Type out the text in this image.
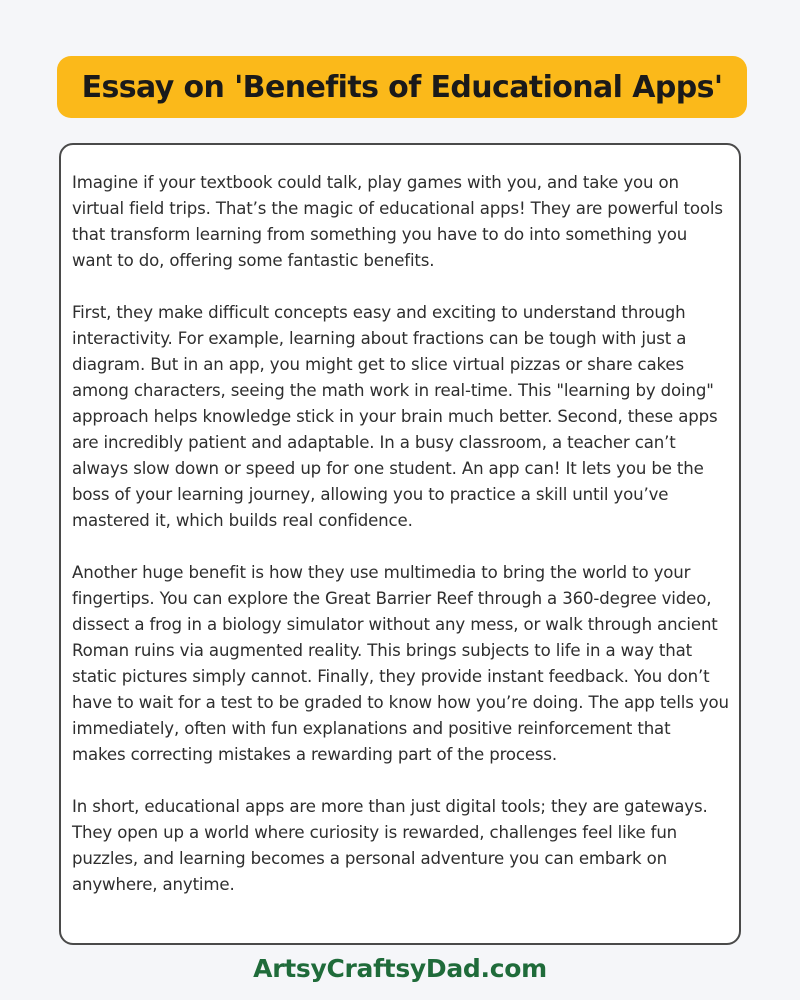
Essay on 'Benefits of Educational Apps'

Imagine if your textbook could talk, play games with you, and take you on virtual field trips. That’s the magic of educational apps! They are powerful tools that transform learning from something you have to do into something you want to do, offering some fantastic benefits.

First, they make difficult concepts easy and exciting to understand through interactivity. For example, learning about fractions can be tough with just a diagram. But in an app, you might get to slice virtual pizzas or share cakes among characters, seeing the math work in real-time. This "learning by doing" approach helps knowledge stick in your brain much better. Second, these apps are incredibly patient and adaptable. In a busy classroom, a teacher can’t always slow down or speed up for one student. An app can! It lets you be the boss of your learning journey, allowing you to practice a skill until you’ve mastered it, which builds real confidence.

Another huge benefit is how they use multimedia to bring the world to your fingertips. You can explore the Great Barrier Reef through a 360-degree video, dissect a frog in a biology simulator without any mess, or walk through ancient Roman ruins via augmented reality. This brings subjects to life in a way that static pictures simply cannot. Finally, they provide instant feedback. You don’t have to wait for a test to be graded to know how you’re doing. The app tells you immediately, often with fun explanations and positive reinforcement that makes correcting mistakes a rewarding part of the process.

In short, educational apps are more than just digital tools; they are gateways. They open up a world where curiosity is rewarded, challenges feel like fun puzzles, and learning becomes a personal adventure you can embark on anywhere, anytime.

ArtsyCraftsyDad.com
